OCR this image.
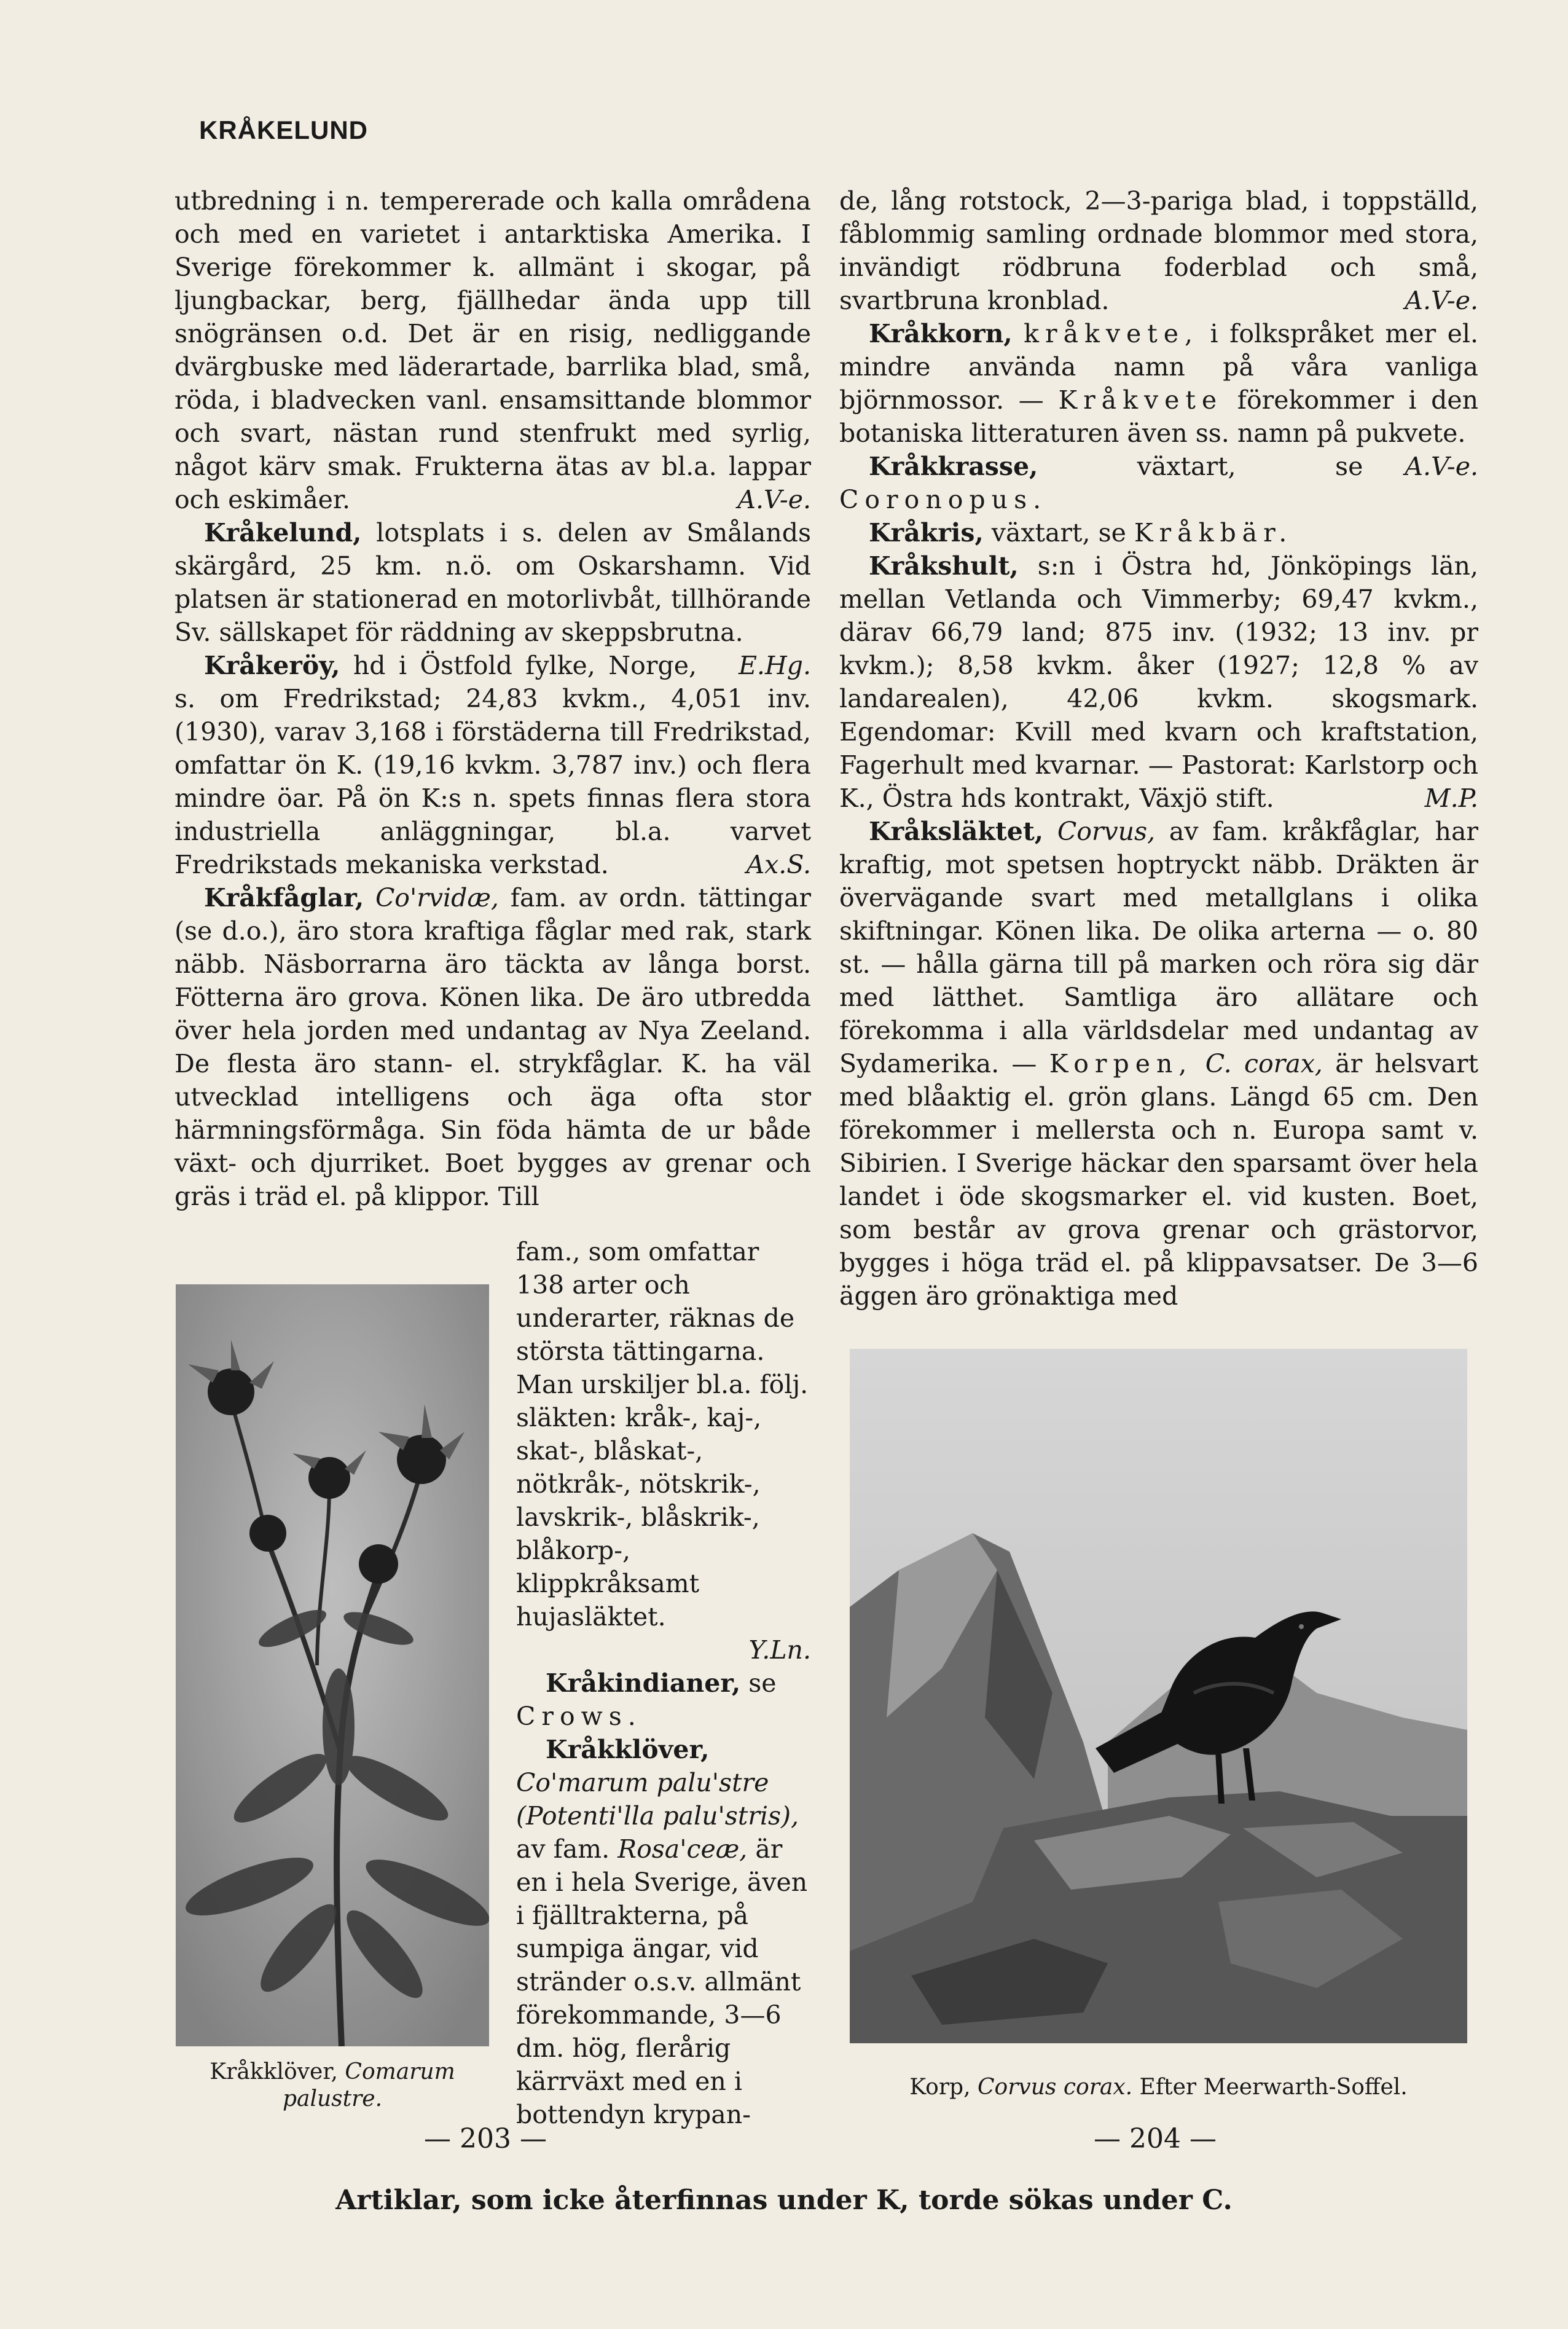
KRÅKELUND

utbredning i n. tempererade och kalla områdena och med en varietet i antarktiska Amerika. I Sverige förekommer k. allmänt i skogar, på ljungbackar, berg, fjällhedar ända upp till snögränsen o.d. Det är en risig, nedliggande dvärgbuske med läderartade, barrlika blad, små, röda, i bladvecken vanl. ensamsittande blommor och svart, nästan rund stenfrukt med syrlig, något kärv smak. Frukterna ätas av bl.a. lappar och eskimåer.	A.V-e.

Kråkelund, lotsplats i s. delen av Smålands skärgård, 25 km. n.ö. om Oskarshamn. Vid platsen är stationerad en motorlivbåt, tillhörande Sv. sällskapet för räddning av skeppsbrutna.
E.Hg.

Kråkeröy, hd i Östfold fylke, Norge, s. om Fredrikstad; 24,83 kvkm., 4,051 inv. (1930), varav 3,168 i förstäderna till Fredrikstad, omfattar ön K. (19,16 kvkm. 3,787 inv.) och flera mindre öar. På ön K:s n. spets finnas flera stora industriella anläggningar, bl.a. varvet Fredrikstads mekaniska verkstad.	Ax.S.

Kråkfåglar, Co'rvidæ, fam. av ordn. tättingar (se d.o.), äro stora kraftiga fåglar med rak, stark näbb. Näsborrarna äro täckta av långa borst. Fötterna äro grova. Könen lika. De äro utbredda över hela jorden med undantag av Nya Zeeland. De flesta äro stann- el. strykfåglar. K. ha väl utvecklad intelligens och äga ofta stor härmningsförmåga. Sin föda hämta de ur både växt- och djurriket. Boet bygges av grenar och gräs i träd el. på klippor. Till

Kråkklöver, Comarum
palustre.

fam., som omfattar 138 arter och underarter, räknas de största tättingarna. Man urskiljer bl.a. följ. släkten: kråk-, kaj-, skat-, blåskat-, nötkråk-, nötskrik-, lavskrik-, blåskrik-, blåkorp-, klippkråksamt hujasläktet.

Y.Ln.

Kråkindianer, se Crows.

Kråkklöver, Co'marum palu'stre (Potenti'lla palu'stris), av fam. Rosa'ceæ, är en i hela Sverige, även i fjälltrakterna, på sumpiga ängar, vid stränder o.s.v. allmänt förekommande, 3—6 dm. hög, flerårig kärrväxt med en i bottendyn krypan-

de, lång rotstock, 2—3-pariga blad, i toppställd, fåblommig samling ordnade blommor med stora, invändigt rödbruna foderblad och små, svartbruna kronblad.	A.V-e.

Kråkkorn, kråkvete, i folkspråket mer el. mindre använda namn på våra vanliga björnmossor. — Kråkvete förekommer i den botaniska litteraturen även ss. namn på pukvete.
A.V-e.

Kråkkrasse, växtart, se Coronopus.

Kråkris, växtart, se Kråkbär.

Kråkshult, s:n i Östra hd, Jönköpings län, mellan Vetlanda och Vimmerby; 69,47 kvkm., därav 66,79 land; 875 inv. (1932; 13 inv. pr kvkm.); 8,58 kvkm. åker (1927; 12,8 % av landarealen), 42,06 kvkm. skogsmark. Egendomar: Kvill med kvarn och kraftstation, Fagerhult med kvarnar. — Pastorat: Karlstorp och K., Östra hds kontrakt, Växjö stift.	M.P.

Kråksläktet, Corvus, av fam. kråkfåglar, har kraftig, mot spetsen hoptryckt näbb. Dräkten är övervägande svart med metallglans i olika skiftningar. Könen lika. De olika arterna — o. 80 st. — hålla gärna till på marken och röra sig där med lätthet. Samtliga äro allätare och förekomma i alla världsdelar med undantag av Sydamerika. — Korpen, C. corax, är helsvart med blåaktig el. grön glans. Längd 65 cm. Den förekommer i mellersta och n. Europa samt v. Sibirien. I Sverige häckar den sparsamt över hela landet i öde skogsmarker el. vid kusten. Boet, som består av grova grenar och grästorvor, bygges i höga träd el. på klippavsatser. De 3—6 äggen äro grönaktiga med

Korp, Corvus corax. Efter Meerwarth-Soffel.
— 203 —	— 204 —
Artiklar, som icke återfinnas under K, torde sökas under C.
